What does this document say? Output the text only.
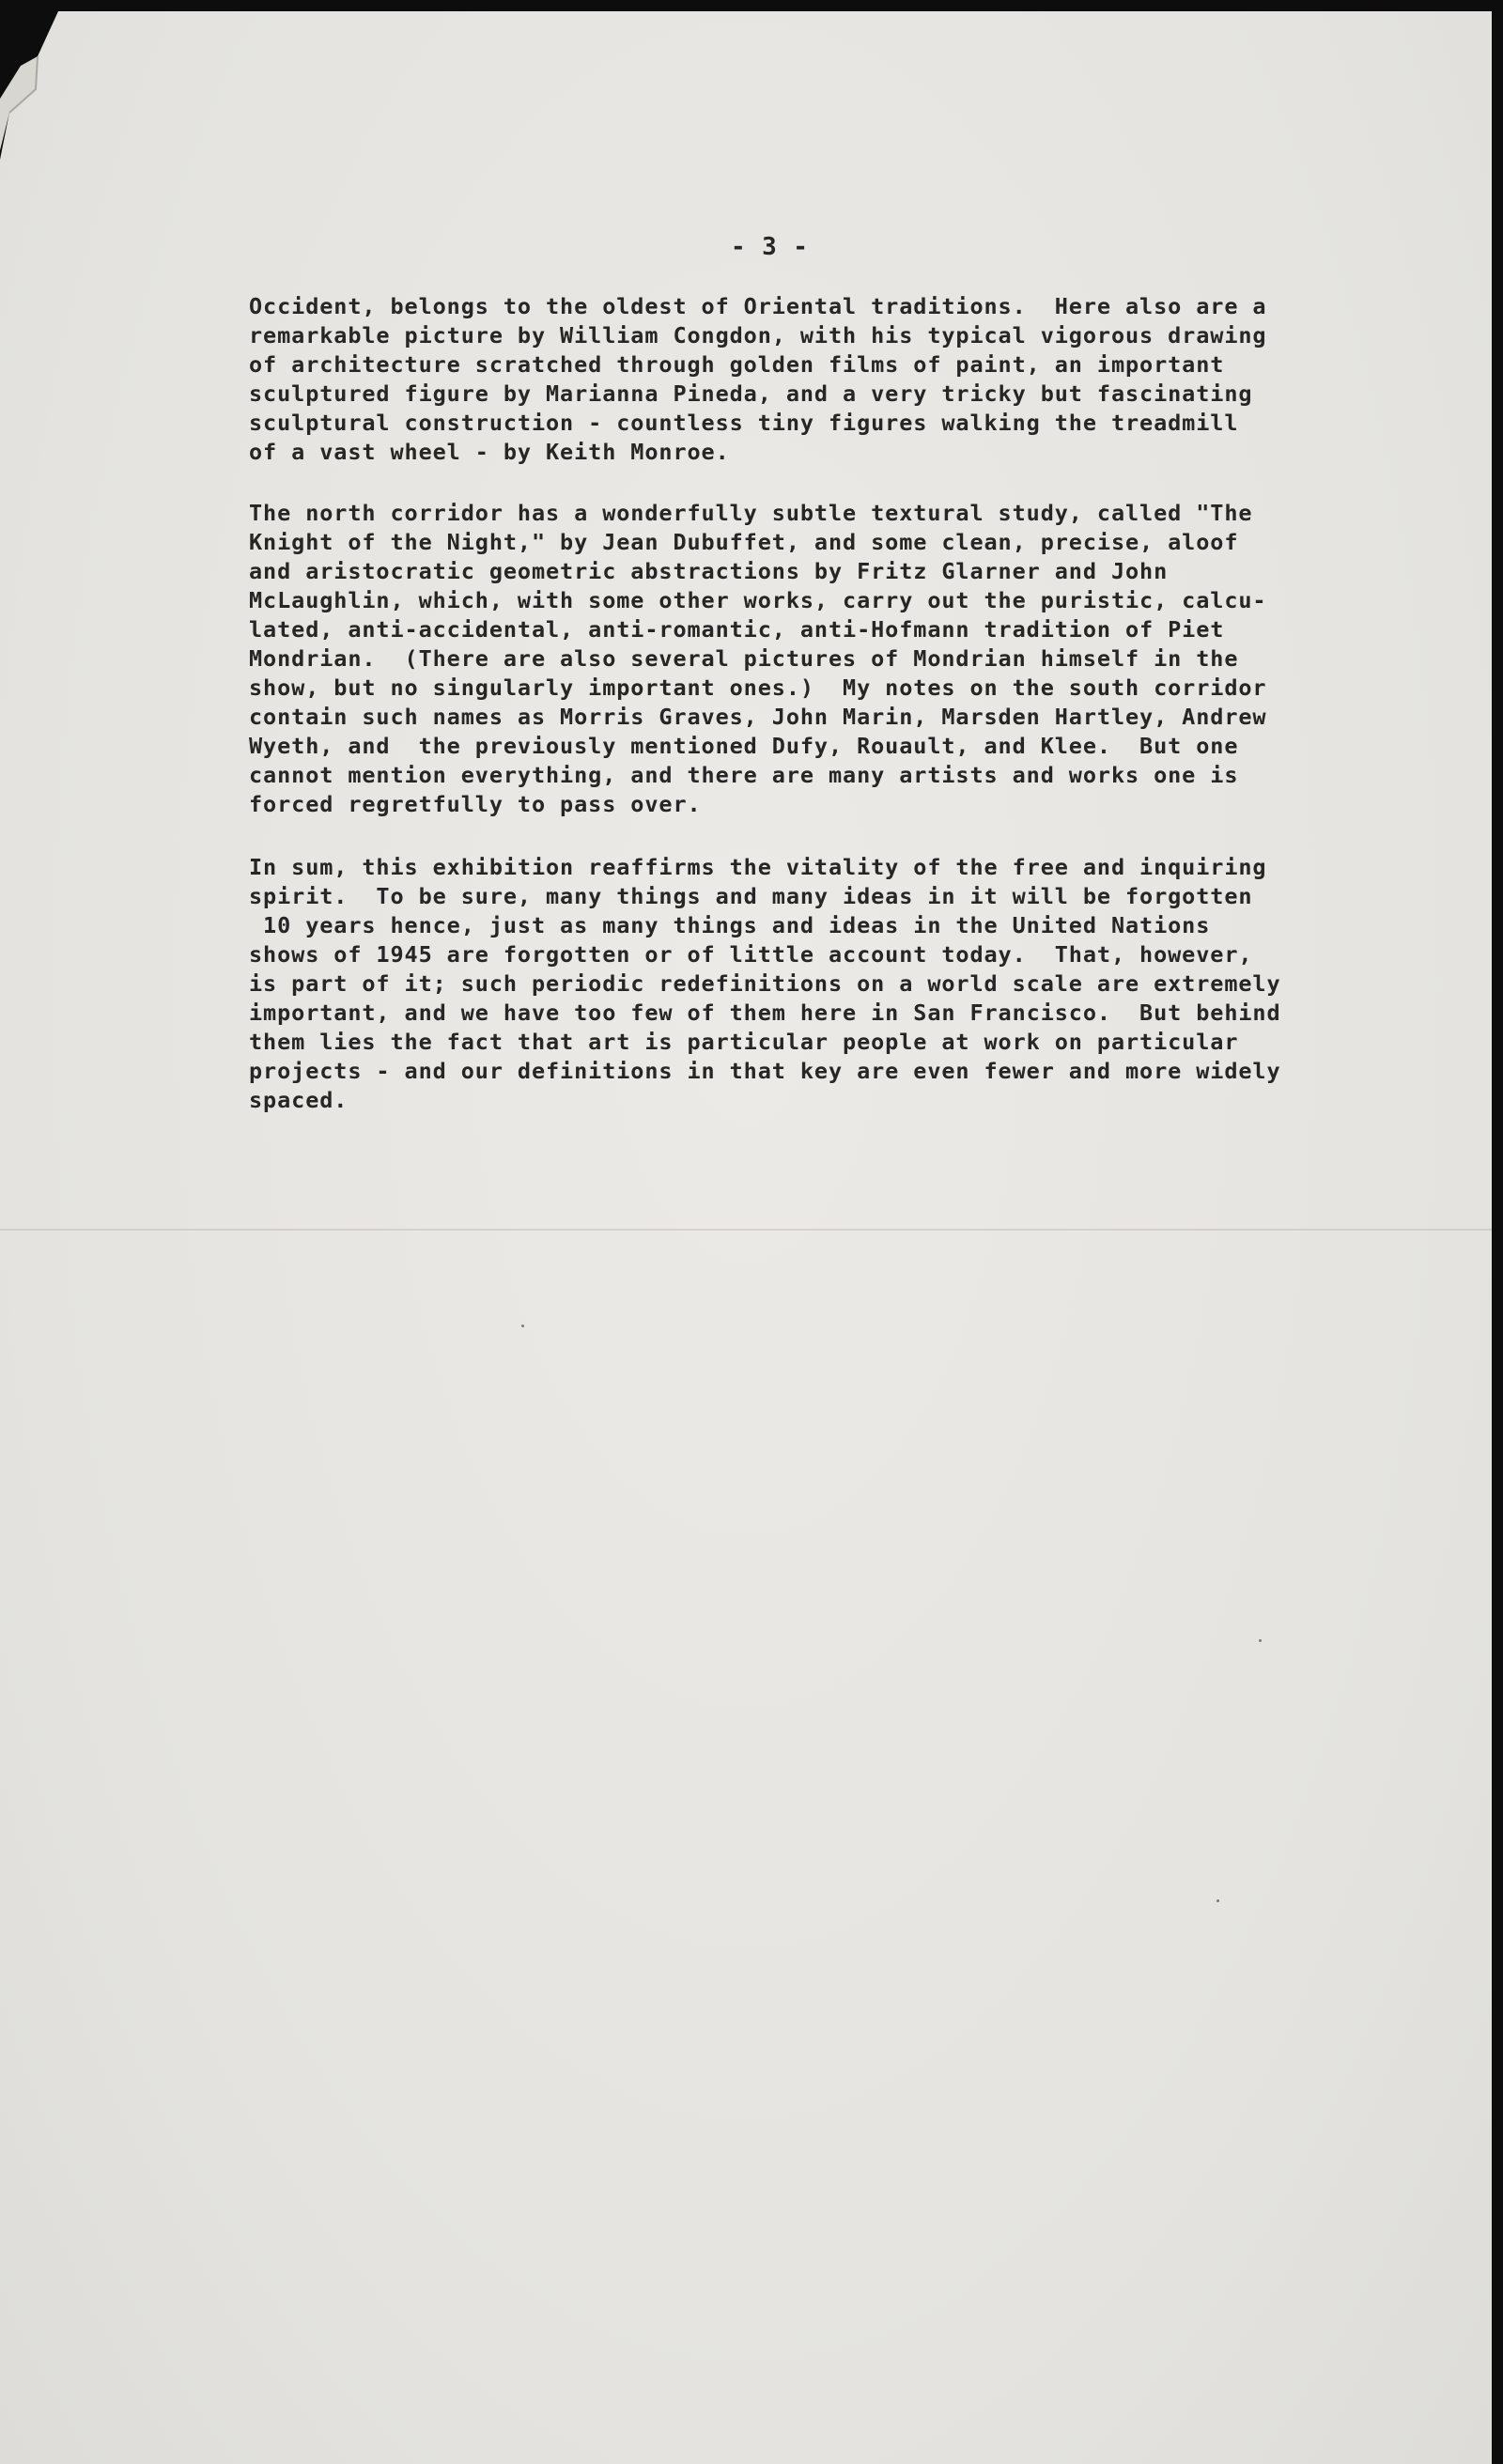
- 3 -
Occident, belongs to the oldest of Oriental traditions.  Here also are a
remarkable picture by William Congdon, with his typical vigorous drawing
of architecture scratched through golden films of paint, an important
sculptured figure by Marianna Pineda, and a very tricky but fascinating
sculptural construction - countless tiny figures walking the treadmill
of a vast wheel - by Keith Monroe.
The north corridor has a wonderfully subtle textural study, called "The
Knight of the Night," by Jean Dubuffet, and some clean, precise, aloof
and aristocratic geometric abstractions by Fritz Glarner and John
McLaughlin, which, with some other works, carry out the puristic, calcu-
lated, anti-accidental, anti-romantic, anti-Hofmann tradition of Piet
Mondrian.  (There are also several pictures of Mondrian himself in the
show, but no singularly important ones.)  My notes on the south corridor
contain such names as Morris Graves, John Marin, Marsden Hartley, Andrew
Wyeth, and  the previously mentioned Dufy, Rouault, and Klee.  But one
cannot mention everything, and there are many artists and works one is
forced regretfully to pass over.
In sum, this exhibition reaffirms the vitality of the free and inquiring
spirit.  To be sure, many things and many ideas in it will be forgotten
10 years hence, just as many things and ideas in the United Nations
shows of 1945 are forgotten or of little account today.  That, however,
is part of it; such periodic redefinitions on a world scale are extremely
important, and we have too few of them here in San Francisco.  But behind
them lies the fact that art is particular people at work on particular
projects - and our definitions in that key are even fewer and more widely
spaced.
